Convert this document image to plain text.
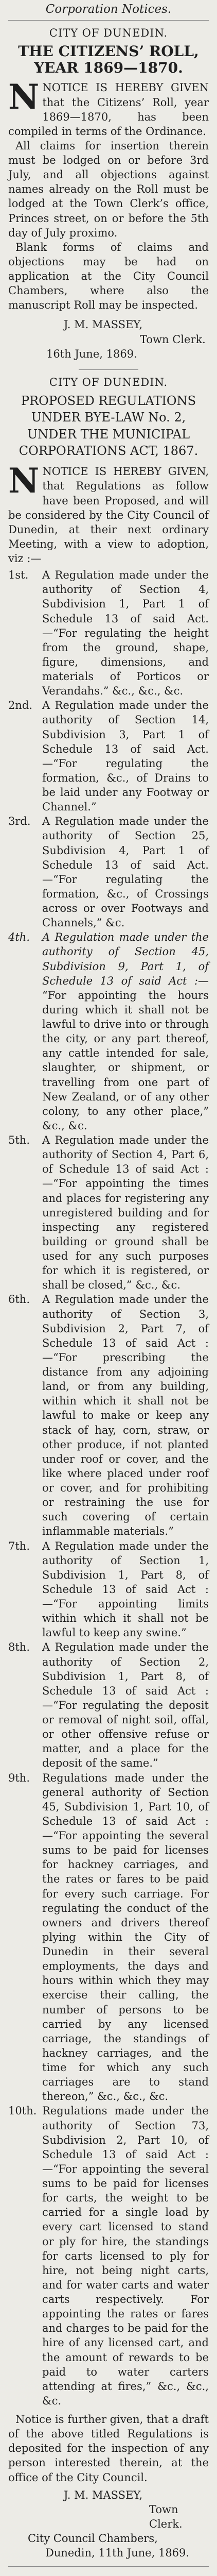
Corporation Notices.
CITY OF DUNEDIN.
THE CITIZENS’ ROLL, YEAR 1869—1870.

NNOTICE IS HEREBY GIVEN that the Citizens’ Roll, year 1869—1870, has been compiled in terms of the Ordinance.

All claims for insertion therein must be lodged on or before 3rd July, and all objections against names already on the Roll must be lodged at the Town Clerk’s office, Princes street, on or before the 5th day of July proximo.

Blank forms of claims and objections may be had on application at the City Council Chambers, where also the manuscript Roll may be inspected.

J. M. MASSEY,
Town Clerk.
16th June, 1869.
CITY OF DUNEDIN.
PROPOSED REGULATIONS UNDER BYE-LAW No. 2, UNDER THE MUNICIPAL CORPORATIONS ACT, 1867.

NNOTICE IS HEREBY GIVEN, that Regulations as follow have been Proposed, and will be considered by the City Council of Dunedin, at their next ordinary Meeting, with a view to adoption, viz :—

1st.	A Regulation made under the authority of Section 4, Subdivision 1, Part 1 of Schedule 13 of said Act. —“For regulating the height from the ground, shape, figure, dimensions, and materials of Porticos or Verandahs.” &c., &c., &c.
2nd. A Regulation made under the authority of Section 14, Subdivision 3, Part 1 of Schedule 13 of said Act. —“For regulating the formation, &c., of Drains to be laid under any Footway or Channel.”
3rd.	A Regulation made under the authority of Section 25, Subdivision 4, Part 1 of Schedule 13 of said Act. —“For regulating the formation, &c., of Crossings across or over Footways and Channels,” &c.
4th.	A Regulation made under the authority of Section 45, Subdivision 9, Part 1, of Schedule 13 of said Act :— “For appointing the hours during which it shall not be lawful to drive into or through the city, or any part thereof, any cattle intended for sale, slaughter, or shipment, or travelling from one part of New Zealand, or of any other colony, to any other place,” &c., &c.
5th.	A Regulation made under the authority of Section 4, Part 6, of Schedule 13 of said Act :—“For appointing the times and places for registering any unregistered building and for inspecting any registered building or ground shall be used for any such purposes for which it is registered, or shall be closed,” &c., &c.
6th.	A Regulation made under the authority of Section 3, Subdivision 2, Part 7, of Schedule 13 of said Act :—“For prescribing the distance from any adjoining land, or from any building, within which it shall not be lawful to make or keep any stack of hay, corn, straw, or other produce, if not planted under roof or cover, and the like where placed under roof or cover, and for prohibiting or restraining the use for such covering of certain inflammable materials.”
7th.	A Regulation made under the authority of Section 1, Subdivision 1, Part 8, of Schedule 13 of said Act :—“For appointing limits within which it shall not be lawful to keep any swine.”
8th.	A Regulation made under the authority of Section 2, Subdivision 1, Part 8, of Schedule 13 of said Act :—“For regulating the deposit or removal of night soil, offal, or other offensive refuse or matter, and a place for the deposit of the same.”
9th.	Regulations made under the general authority of Section 45, Subdivision 1, Part 10, of Schedule 13 of said Act :—“For appointing the several sums to be paid for licenses for hackney carriages, and the rates or fares to be paid for every such carriage. For regulating the conduct of the owners and drivers thereof plying within the City of Dunedin in their several employments, the days and hours within which they may exercise their calling, the number of persons to be carried by any licensed carriage, the standings of hackney carriages, and the time for which any such carriages are to stand thereon,” &c., &c., &c.
10th. Regulations made under the authority of Section 73, Subdivision 2, Part 10, of Schedule 13 of said Act :—“For appointing the several sums to be paid for licenses for carts, the weight to be carried for a single load by every cart licensed to stand or ply for hire, the standings for carts licensed to ply for hire, not being night carts, and for water carts and water carts respectively. For appointing the rates or fares and charges to be paid for the hire of any licensed cart, and the amount of rewards to be paid to water carters attending at fires,” &c., &c., &c.

Notice is further given, that a draft of the above titled Regulations is deposited for the inspection of any person interested therein, at the office of the City Council.

J. M. MASSEY,
Town Clerk.
City Council Chambers,
Dunedin, 11th June, 1869.
